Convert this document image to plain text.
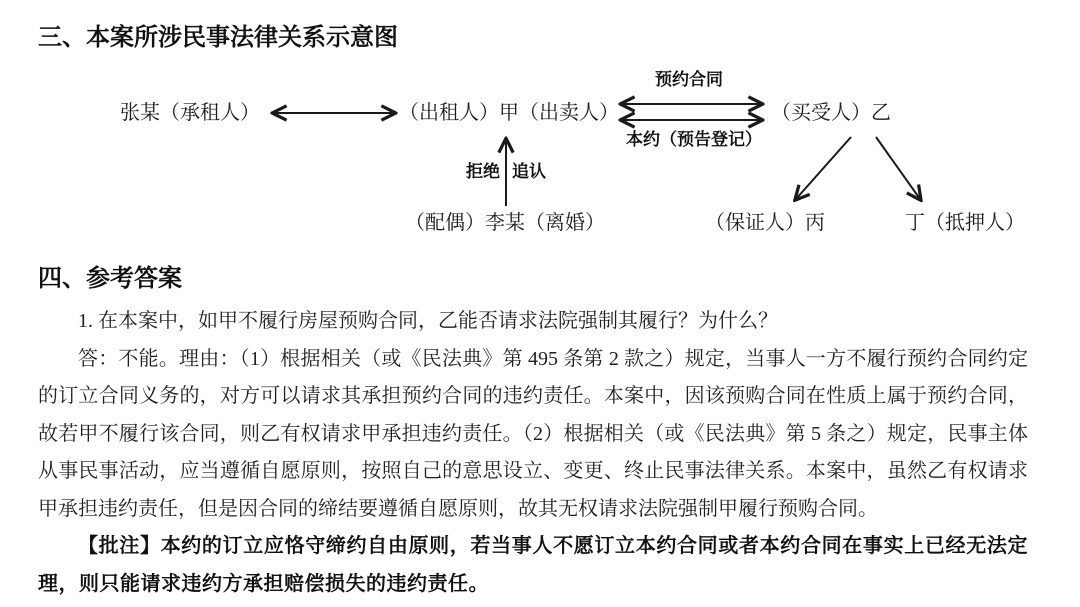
三、本案所涉民事法律关系示意图
张某（承租人）	（出租人）甲（出卖人）	（买受人）乙
预约合同
本约（预告登记）
拒绝 追认
（配偶）李某（离婚）	（保证人）丙	丁（抵押人）
四、参考答案

1. 在本案中，如甲不履行房屋预购合同，乙能否请求法院强制其履行？为什么？

答：不能。理由：（1）根据相关（或《民法典》第 495 条第 2 款之）规定，当事人一方不履行预约合同约定的订立合同义务的，对方可以请求其承担预约合同的违约责任。本案中，因该预购合同在性质上属于预约合同，故若甲不履行该合同，则乙有权请求甲承担违约责任。（2）根据相关（或《民法典》第 5 条之）规定，民事主体从事民事活动，应当遵循自愿原则，按照自己的意思设立、变更、终止民事法律关系。本案中，虽然乙有权请求甲承担违约责任，但是因合同的缔结要遵循自愿原则，故其无权请求法院强制甲履行预购合同。

【批注】本约的订立应恪守缔约自由原则，若当事人不愿订立本约合同或者本约合同在事实上已经无法定理，则只能请求违约方承担赔偿损失的违约责任。
